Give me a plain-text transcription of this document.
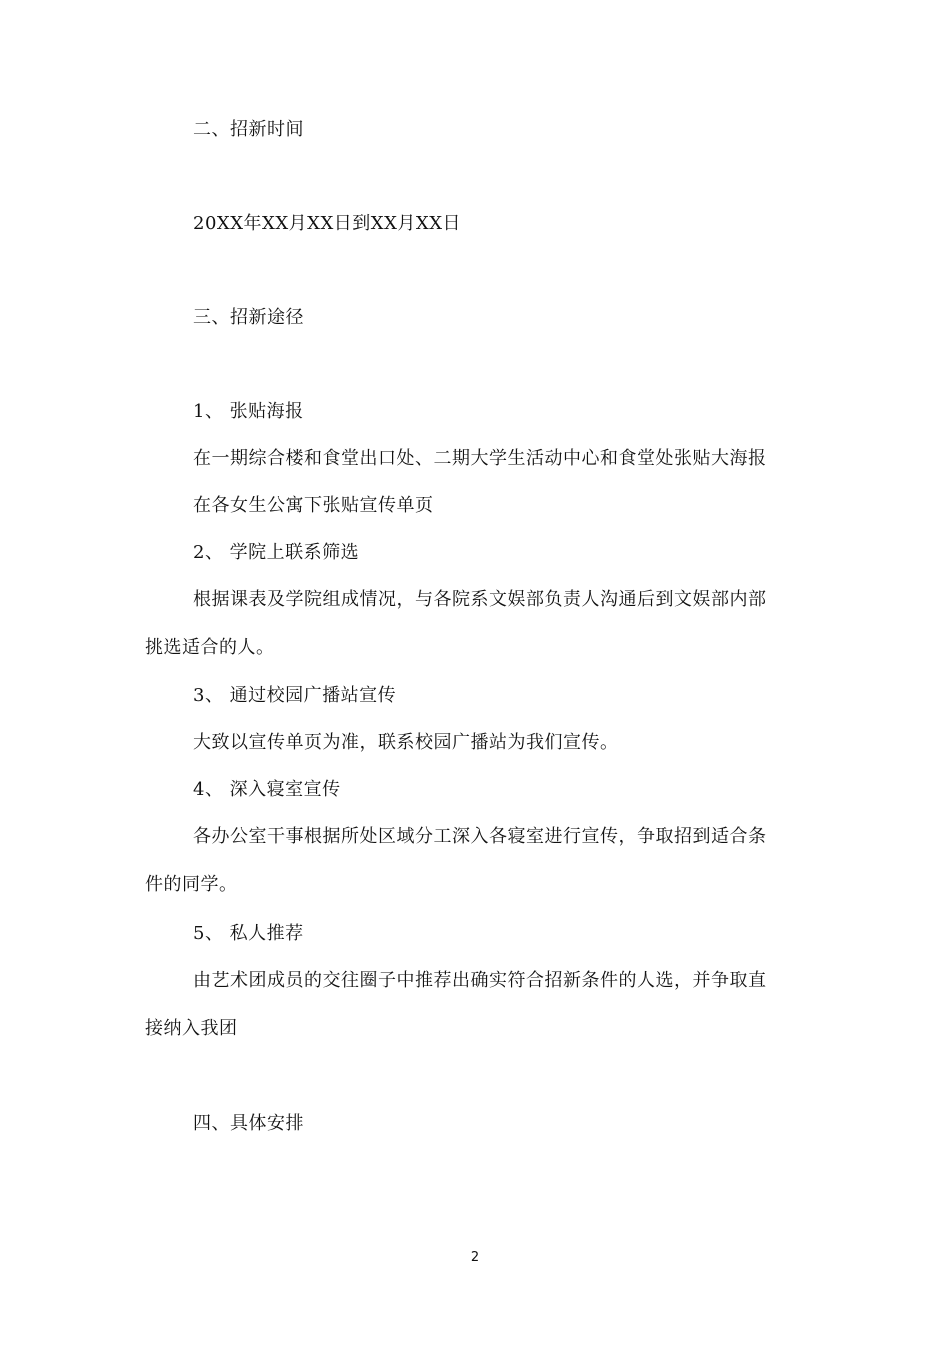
二、招新时间
20XX年XX月XX日到XX月XX日
三、招新途径
1、 张贴海报
在一期综合楼和食堂出口处、二期大学生活动中心和食堂处张贴大海报
在各女生公寓下张贴宣传单页
2、 学院上联系筛选
根据课表及学院组成情况，与各院系文娱部负责人沟通后到文娱部内部
挑选适合的人。
3、 通过校园广播站宣传
大致以宣传单页为准，联系校园广播站为我们宣传。
4、 深入寝室宣传
各办公室干事根据所处区域分工深入各寝室进行宣传，争取招到适合条
件的同学。
5、 私人推荐
由艺术团成员的交往圈子中推荐出确实符合招新条件的人选，并争取直
接纳入我团
四、具体安排
2
